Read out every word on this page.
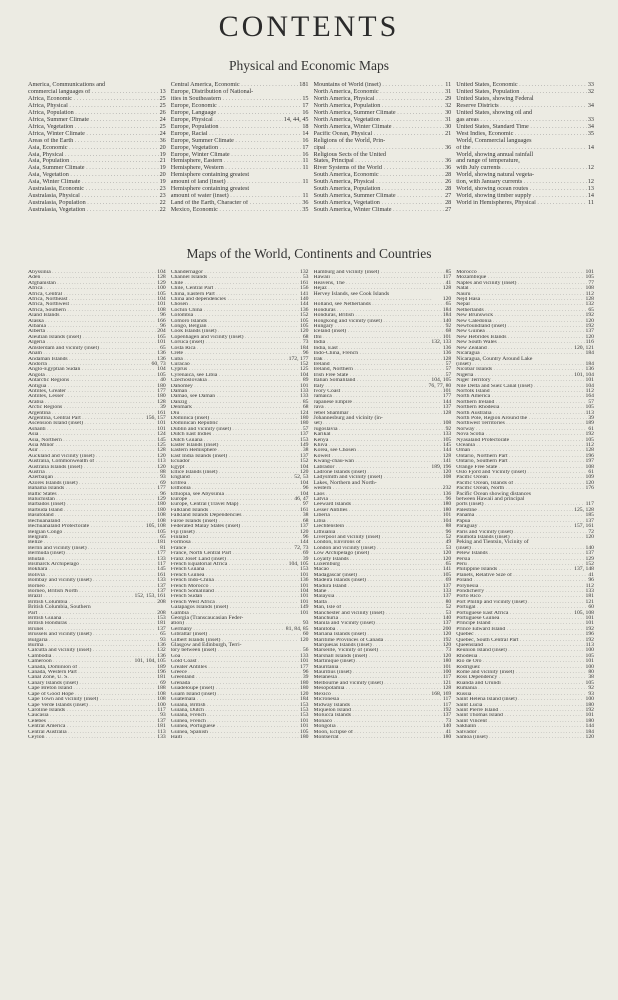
CONTENTS
Physical and Economic Maps
America, Communications and
commercial languages of . . .	13
Africa, Economic . . .	25
Africa, Physical . . .	25
Africa, Population . . .	26
Africa, Summer Climate . . .	24
Africa, Vegetation . . .	25
Africa, Winter Climate . . .	24
Areas of the Earth . . .	36
Asia, Economic . . .	20
Asia, Physical . . .	19
Asia, Population . . .	21
Asia, Summer Climate . . .	19
Asia, Vegetation . . .	20
Asia, Winter Climate . . .	19
Australasia, Economic . . .	23
Australasia, Physical . . .	23
Australasia, Population . . .	22
Australasia, Vegetation . . .	22
Central America, Economic . . .	181
Europe, Distribution of National-
ities in Southeastern . . .	15
Europe, Economic . . .	17
Europe, Language . . .	16
Europe, Physical . . .	14, 44, 45
Europe, Population . . .	18
Europe, Racial . . .	14
Europe, Summer Climate . . .	16
Europe, Vegetation . . .	17
Europe, Winter Climate . . .	16
Hemisphere, Eastern . . .	11
Hemisphere, Western . . .	11
Hemisphere containing greatest
amount of land (inset) . . .	11
Hemisphere containing greatest
amount of water (inset) . . .	11
Land of the Earth, Character of . . .	36
Mexico, Economic . . .	35
Mountains of World (inset) . . .	11
North America, Economic . . .	31
North America, Physical . . .	29
North America, Population . . .	32
North America, Summer Climate . . .	30
North America, Vegetation . . .	31
North America, Winter Climate . . .	30
Pacific Ocean, Physical . . .	21
Religions of the World, Prin-
cipal . . .	36
Religious Sects of the United
States, Principal . . .	36
River Systems of the World . . .	36
South America, Economic . . .	28
South America, Physical . . .	26
South America, Population . . .	28
South America, Summer Climate . . .	27
South America, Vegetation . . .	28
South America, Winter Climate . . .	27
United States, Economic . . .	33
United States, Population . . .	32
United States, showing Federal
Reserve Districts . . .	34
United States, showing oil and
gas areas . . .	33
United States, Standard Time . . .	34
West Indies, Economic . . .	35
World, Commercial languages
of the . . .	14
World, showing annual rainfall
and range of temperature,
with July currents . . .	12
World, showing natural vegeta-
tion, with January currents . . .	12
World, showing ocean routes . . .	13
World, showing timber supply . . .	14
World in Hemispheres, Physical . . .	11
Maps of the World, Continents and Countries
Abyssinia . . .	104
Aden . . .	128
Afghanistan . . .	129
Africa . . .	100
Africa, Central . . .	105
Africa, Northeast . . .	104
Africa, Northwest . . .	101
Africa, Southern . . .	108
Aland Islands . . .	96
Alaska . . .	166
Albania . . .	96
Alberta . . .	204
Aleutian Islands (inset) . . .	165
Algeria . . .	101
Amsterdam and vicinity (inset) . . .	65
Anam . . .	136
Andaman Islands . . .	136
Andorra . . .	60, 73
Anglo-Egyptian Sudan . . .	104
Angola . . .	105
Antarctic Regions . . .	40
Antigua . . .	180
Antilles, Greater . . .	177
Antilles, Lesser . . .	180
Arabia . . .	128
Arctic Regions . . .	39
Argentina . . .	161
Argentina, Central Part . . .	156, 157
Ascension Island (inset) . . .	101
Ashanti . . .	101
Asia . . .	124
Asia, Northern . . .	145
Asia Minor . . .	125
Asir . . .	128
Auckland and vicinity (inset) . . .	120
Australia, Commonwealth of . . .	113
Australia Islands (inset) . . .	120
Austria . . .	88
Azerbaijan . . .	93
Azores Islands (inset) . . .	69
Bahama Islands . . .	177
Baltic States . . .	96
Baluchistan . . .	129
Barbados (inset) . . .	180
Barbuda Island . . .	180
Basutoland . . .	108
Bechuanaland . . .	108
Bechuanaland Protectorate . . .	105, 108
Belgian Congo . . .	105
Belgium . . .	65
Belize . . .	181
Berlin and vicinity (inset) . . .	81
Bermuda (inset) . . .	177
Bhutan . . .	133
Bismarck Archipelago . . .	117
Bokhara . . .	145
Bolivia . . .	161
Bombay and vicinity (inset) . . .	133
Borneo . . .	137
Borneo, British North . . .	137
Brazil . . .	152, 153, 161
British Columbia . . .	208
British Columbia, Southern
Part . . .	208
British Guiana . . .	153
British Honduras . . .	181
Brunei . . .	137
Brussels and vicinity (inset) . . .	65
Bulgaria . . .	93
Burma . . .	136
Calcutta and vicinity (inset) . . .	132
Cambodia . . .	136
Cameroon . . .	101, 104, 105
Canada, Dominion of . . .	189
Canada, Western Part . . .	196
Canal Zone, U. S. . . .	181
Canary Islands (inset) . . .	69
Cape Breton Island . . .	188
Cape of Good Hope . . .	108
Cape Town and vicinity (inset) . . .	108
Cape Verde Islands (inset) . . .	100
Caroline Islands . . .	117
Caucasia . . .	93
Celebes . . .	137
Central America . . .	181
Central Australia . . .	113
Ceylon . . .	133
Chandernagor . . .	132
Channel Islands . . .	53
Chile . . .	161
Chile, Central Part . . .	156
China, Eastern Part . . .	141
China and dependencies . . .	140
Chosen . . .	144
Cochin China . . .	136
Colombia . . .	152
Comoro Islands . . .	105
Congo, Belgian . . .	105
Cook Islands (inset) . . .	120
Copenhagen and vicinity (inset) . . .	68
Corsica (inset) . . .	73
Costa Rica . . .	184
Crete . . .	96
Cuba . . .	172, 177
Curacao . . .	152
Cyprus . . .	125
Cyrenaica, see Libia . . .	104
Czechoslovakia . . .	89
Dahomey . . .	101
Daman . . .	133
Damao, see Daman . . .	133
Danzig . . .	85
Denmark . . .	68
Diu . . .	124
Dominica (inset) . . .	180
Dominican Republic . . .	180
Dublin and vicinity (inset) . . .	57
Dutch East Indies . . .	137
Dutch Guiana . . .	153
Easter Islands (inset) . . .	149
Eastern Hemisphere . . .	38
East India Islands (inset) . . .	137
Ecuador . . .	152
Egypt . . .	104
Ellice Islands (inset) . . .	120
England . . .	52, 53
Eritrea . . .	104
Esthonia . . .	96
Ethiopia, see Abyssinia . . .	104
Europe . . .	46, 47
Europe, Central (Travel Map) . . .	97
Falkland Islands . . .	161
Falkland Islands Dependencies . . .	38
Faroe Islands (inset) . . .	68
Federated Malay States (inset) . . .	137
Fiji (inset) . . .	120
Finland . . .	96
Formosa . . .	144
France . . .	72, 73
France, North Central Part . . .	69
Franz Josef Land (inset) . . .	39
French Equatorial Africa . . .	104, 105
French Guiana . . .	153
French Guinea . . .	101
French Indo-China . . .	136
French Morocco . . .	101
French Somaliland . . .	104
French Sudan . . .	101
French West Africa . . .	101
Galapagos Islands (inset) . . .	149
Gambia . . .	101
Georgia (Transcaucasian Feder-
ation) . . .	93
Germany . . .	81, 84, 85
Gibraltar (inset) . . .	60
Gilbert Islands (inset) . . .	120
Glasgow and Edinburgh, Terri-
tory between (inset) . . .	56
Goa . . .	133
Gold Coast . . .	101
Greater Antilles . . .	177
Greece . . .	96
Greenland . . .	39
Grenada . . .	180
Guadeloupe (inset) . . .	180
Guam Island (inset) . . .	120
Guatemala . . .	184
Guiana, British . . .	153
Guiana, Dutch . . .	153
Guiana, French . . .	153
Guinea, French . . .	101
Guinea, Portuguese . . .	101
Guinea, Spanish . . .	105
Haiti . . .	180
Hamburg and vicinity (inset) . . .	85
Hawaii . . .	117
Heavens, The . . .	41
Hejaz . . .	128
Hervey Islands, see Cook Islands
. . .
120
Holland, see Netherlands . . .	65
Honduras . . .	184
Honduras, British . . .	184
Hongkong and vicinity (inset) . . .	140
Hungary . . .	92
Iceland (inset) . . .	68
Ifni . . .	101
India . . .	132, 133
India, East . . .	136
Indo-China, French . . .	136
Irak . . .	128
Ireland . . .	57
Ireland, Northern . . .	57
Irish Free State . . .	57
Italian Somaliland . . .	104, 105
Italy . . .	76, 77, 80
Ivory Coast . . .	101
Jamaica . . .	177
Japanese Empire . . .	144
Java . . .	137
Jebel Shammar . . .	128
Johannesburg and vicinity (in-
set) . . .	108
Jugoslavia . . .	92
Karikal . . .	133
Kenya . . .	105
Khiva . . .	145
Korea, see Chosen . . .	144
Koweit . . .	128
Kwang-chau-wan . . .	141
Labrador . . .	189, 196
Ladrone Islands (inset) . . .	120
Ladysmith and vicinity (inset) . . .	108
Lakes, Northern and North-
western . . .	232
Laos . . .	136
Latvia . . .	96
Leeward Islands . . .	180
Lesser Antilles . . .	180
Liberia . . .	101
Libia . . .	104
Liechtenstein . . .	88
Lithuania . . .	96
Liverpool and vicinity (inset) . . .	52
London, Environs of . . .	49
London and vicinity (inset) . . .	53
Low Archipelago (inset) . . .	120
Loyalty Islands . . .	120
Luxemburg . . .	65
Macao . . .	141
Madagascar (inset) . . .	105
Madeira Islands (inset) . . .	69
Madura Island . . .	137
Mahe . . .	133
Malaysia . . .	137
Malta . . .	80
Man, Isle of . . .	52
Manchester and vicinity (inset) . . .	53
Manchuria . . .	140
Manila and Vicinity (inset) . . .	137
Manitoba . . .	200
Mariana Islands (inset) . . .	120
Maritime Provinces of Canada . . .	192
Marquesas Islands (inset) . . .	120
Marseille, Vicinity of (inset) . . .	73
Marshall Islands (inset) . . .	120
Martinique (inset) . . .	180
Mauritania . . .	101
Mauritius (inset) . . .	100
Melanesia . . .	117
Melbourne and vicinity (inset) . . .	121
Mesopotamia . . .	128
Mexico . . .	168, 169
Micronesia . . .	117
Midway Islands . . .	117
Miquelon Island . . .	192
Molucca Islands . . .	137
Monaco . . .	73
Mongolia . . .	140
Moon, Eclipse of . . .	41
Montserrat . . .	180
Morocco . . .	101
Mozambique . . .	105
Naples and vicinity (inset) . . .	77
Natal . . .	108
Nauru . . .	112
Nejd Hasa . . .	128
Nepal . . .	132
Netherlands . . .	65
New Brunswick . . .	192
New Caledonia . . .	120
Newfoundland (inset) . . .	192
New Guinea . . .	137
New Hebrides Islands . . .	120
New South Wales . . .	116
New Zealand . . .	120, 121
Nicaragua . . .	184
Nicaragua, Country Around Lake
(inset) . . .	184
Nicobar Islands . . .	136
Nigeria . . .	101, 104
Niger Territory . . .	101
Nile Delta and Suez Canal (inset) . . .	104
Norfolk Island . . .	112
North America . . .	164
Northern Ireland . . .	57
Northern Rhodesia . . .	105
North Australia . . .	113
North Pole, Region Around the . . .	39
Northwest Territories . . .	189
Norway . . .	61
Nova Scotia . . .	192
Nyasaland Protectorate . . .	105
Oceania . . .	112
Oman . . .	128
Ontario, Northern Part . . .	196
Ontario, Southern Part . . .	197
Orange Free State . . .	108
Oslo Fjord and Vicinity (inset) . . .	61
Pacific Ocean . . .	109
Pacific Ocean, Islands of . . .	120
Pacific Ocean, North . . .	176
Pacific Ocean showing distances
between Hawaii and principal
ports (inset) . . .	117
Palestine . . .	125, 128
Panama . . .	185
Papua . . .	137
Paraguay . . .	157, 161
Paris and Vicinity (inset) . . .	72
Paumota Islands (inset) . . .	120
Peking and Tientsin, Vicinity of
(inset) . . .	140
Pelew Islands . . .	137
Persia . . .	129
Peru . . .	152
Philippine Islands . . .	137, 148
Planets, Relative Size of . . .	41
Poland . . .	96
Polynesia . . .	112
Pondicherry . . .	133
Porto Rico . . .	181
Port Phillip and vicinity (inset) . . .	121
Portugal . . .	60
Portuguese East Africa . . .	105, 108
Portuguese Guinea . . .	101
Principe Island . . .	101
Prince Edward Island . . .	192
Quebec . . .	196
Quebec, South Central Part . . .	192
Queensland . . .	113
Reunion Island (inset) . . .	100
Rhodesia . . .	105
Rio de Oro . . .	101
Rodriguez . . .	100
Rome and vicinity (inset) . . .	80
Ross Dependency . . .	38
Ruanda and Urundi . . .	105
Rumania . . .	92
Russia . . .	93
Saint Helena Island (inset) . . .	100
Saint Lucia . . .	180
Saint Pierre Island . . .	192
Saint Thomas Island . . .	101
Saint Vincent . . .	180
Sakhalin . . .	144
Salvador . . .	184
Samoa (inset) . . .	120
